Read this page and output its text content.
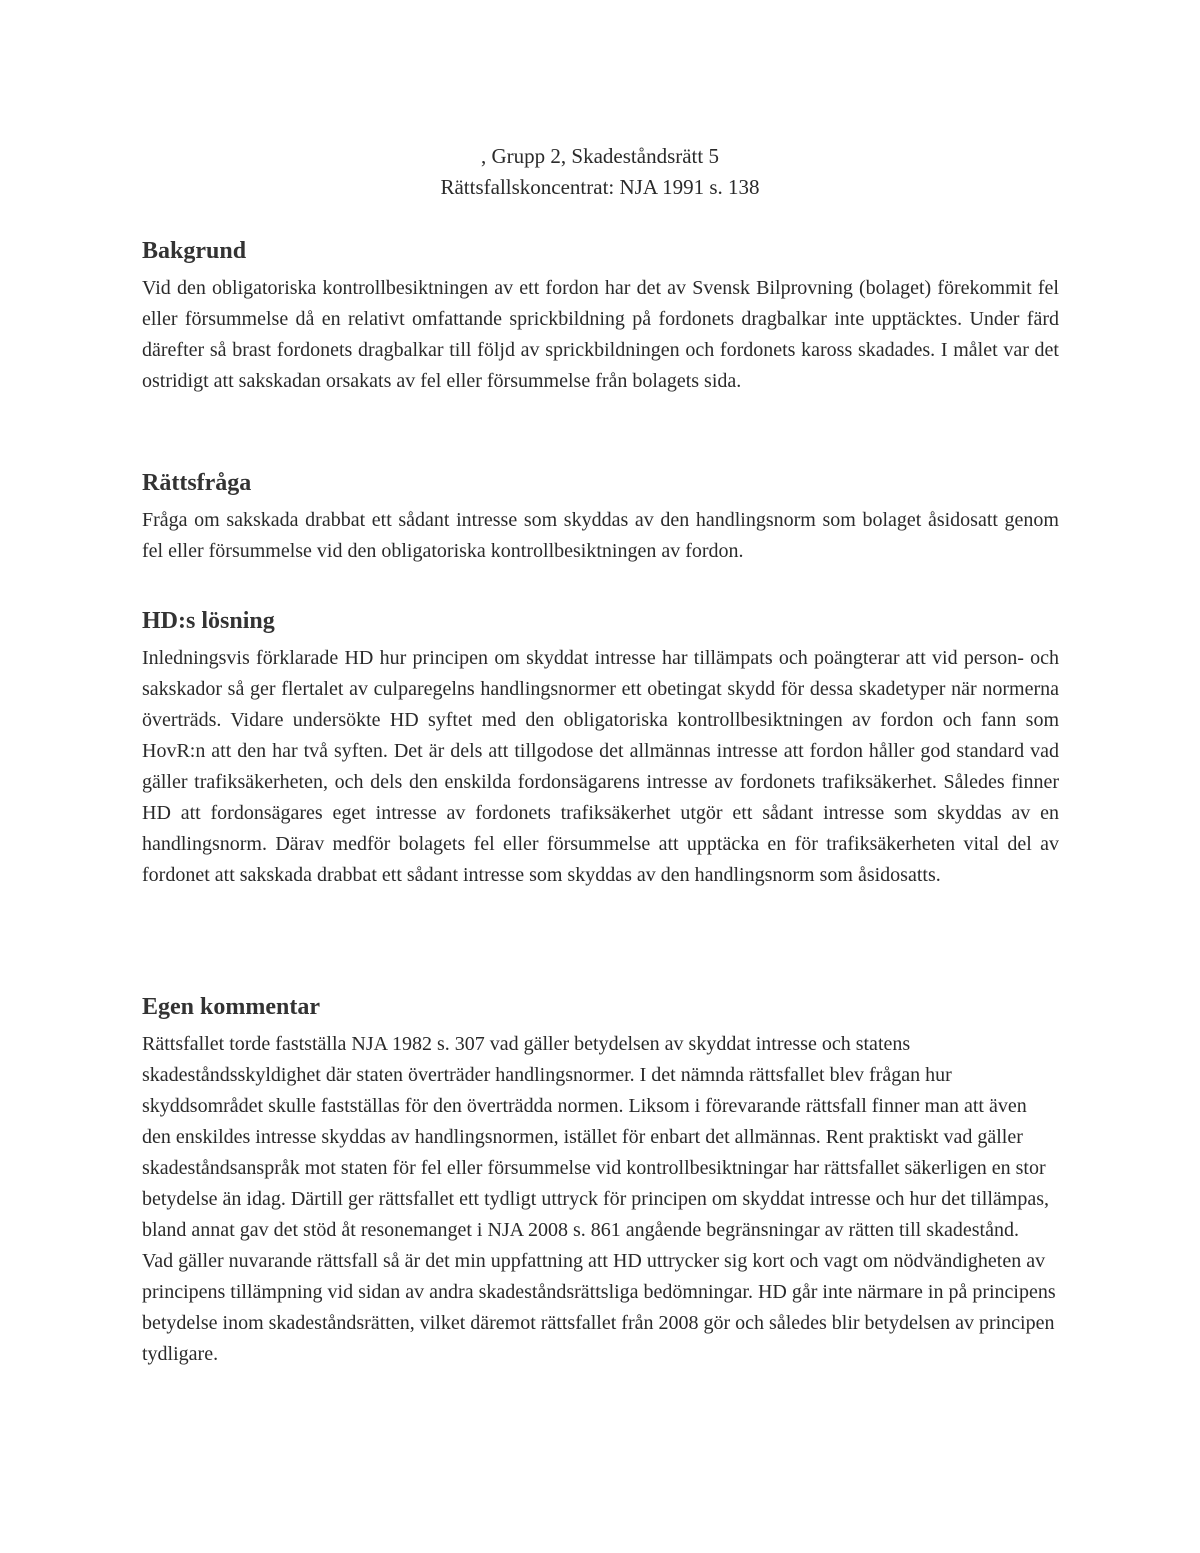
, Grupp 2, Skadeståndsrätt 5
Rättsfallskoncentrat: NJA 1991 s. 138
Bakgrund

Vid den obligatoriska kontrollbesiktningen av ett fordon har det av Svensk Bilprovning (bolaget) förekommit fel eller försummelse då en relativt omfattande sprickbildning på fordonets dragbalkar inte upptäcktes. Under färd därefter så brast fordonets dragbalkar till följd av sprickbildningen och fordonets kaross skadades. I målet var det ostridigt att sakskadan orsakats av fel eller försummelse från bolagets sida.

Rättsfråga

Fråga om sakskada drabbat ett sådant intresse som skyddas av den handlingsnorm som bolaget åsidosatt genom fel eller försummelse vid den obligatoriska kontrollbesiktningen av fordon.

HD:s lösning

Inledningsvis förklarade HD hur principen om skyddat intresse har tillämpats och poängterar att vid person- och sakskador så ger flertalet av culparegelns handlingsnormer ett obetingat skydd för dessa skadetyper när normerna överträds. Vidare undersökte HD syftet med den obligatoriska kontrollbesiktningen av fordon och fann som HovR:n att den har två syften. Det är dels att tillgodose det allmännas intresse att fordon håller god standard vad gäller trafiksäkerheten, och dels den enskilda fordonsägarens intresse av fordonets trafiksäkerhet. Således finner HD att fordonsägares eget intresse av fordonets trafiksäkerhet utgör ett sådant intresse som skyddas av en handlingsnorm. Därav medför bolagets fel eller försummelse att upptäcka en för trafiksäkerheten vital del av fordonet att sakskada drabbat ett sådant intresse som skyddas av den handlingsnorm som åsidosatts.

Egen kommentar

Rättsfallet torde fastställa NJA 1982 s. 307 vad gäller betydelsen av skyddat intresse och statens skadeståndsskyldighet där staten överträder handlingsnormer. I det nämnda rättsfallet blev frågan hur skyddsområdet skulle fastställas för den överträdda normen. Liksom i förevarande rättsfall finner man att även den enskildes intresse skyddas av handlingsnormen, istället för enbart det allmännas. Rent praktiskt vad gäller skadeståndsanspråk mot staten för fel eller försummelse vid kontrollbesiktningar har rättsfallet säkerligen en stor betydelse än idag. Därtill ger rättsfallet ett tydligt uttryck för principen om skyddat intresse och hur det tillämpas, bland annat gav det stöd åt resonemanget i NJA 2008 s. 861 angående begränsningar av rätten till skadestånd.

Vad gäller nuvarande rättsfall så är det min uppfattning att HD uttrycker sig kort och vagt om nödvändigheten av principens tillämpning vid sidan av andra skadeståndsrättsliga bedömningar. HD går inte närmare in på principens betydelse inom skadeståndsrätten, vilket däremot rättsfallet från 2008 gör och således blir betydelsen av principen tydligare.
